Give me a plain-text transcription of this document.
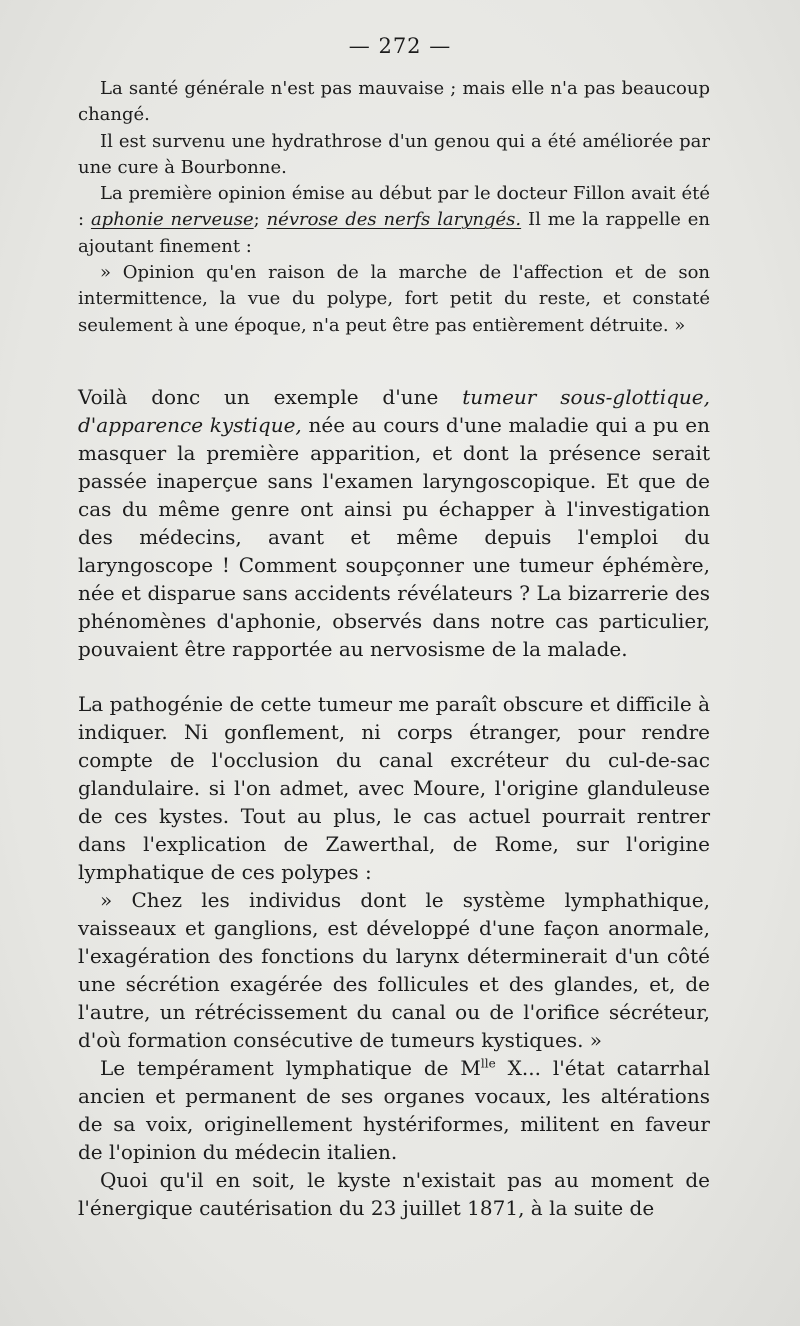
— 272 —

La santé générale n'est pas mauvaise ; mais elle n'a pas beaucoup changé.

Il est survenu une hydrathrose d'un genou qui a été améliorée par une cure à Bourbonne.

La première opinion émise au début par le docteur Fillon avait été : aphonie nerveuse; névrose des nerfs laryngés. Il me la rappelle en ajoutant finement :

» Opinion qu'en raison de la marche de l'affection et de son intermittence, la vue du polype, fort petit du reste, et constaté seulement à une époque, n'a peut être pas entièrement détruite. »

Voilà donc un exemple d'une tumeur sous-glottique, d'apparence kystique, née au cours d'une maladie qui a pu en masquer la première apparition, et dont la présence serait passée inaperçue sans l'examen laryngoscopique. Et que de cas du même genre ont ainsi pu échapper à l'investigation des médecins, avant et même depuis l'emploi du laryngoscope ! Comment soupçonner une tumeur éphémère, née et disparue sans accidents révélateurs ? La bizarrerie des phénomènes d'aphonie, observés dans notre cas particulier, pouvaient être rapportée au nervosisme de la malade.

La pathogénie de cette tumeur me paraît obscure et difficile à indiquer. Ni gonflement, ni corps étranger, pour rendre compte de l'occlusion du canal excréteur du cul-de-sac glandulaire. si l'on admet, avec Moure, l'origine glanduleuse de ces kystes. Tout au plus, le cas actuel pourrait rentrer dans l'explication de Zawerthal, de Rome, sur l'origine lymphatique de ces polypes :

» Chez les individus dont le système lymphathique, vaisseaux et ganglions, est développé d'une façon anormale, l'exagération des fonctions du larynx déterminerait d'un côté une sécrétion exagérée des follicules et des glandes, et, de l'autre, un rétrécissement du canal ou de l'orifice sécréteur, d'où formation consécutive de tumeurs kystiques. »

Le tempérament lymphatique de $M^{lle}$ X... l'état catarrhal ancien et permanent de ses organes vocaux, les altérations de sa voix, originellement hystériformes, militent en faveur de l'opinion du médecin italien.

Quoi qu'il en soit, le kyste n'existait pas au moment de l'énergique cautérisation du 23 juillet 1871, à la suite de
